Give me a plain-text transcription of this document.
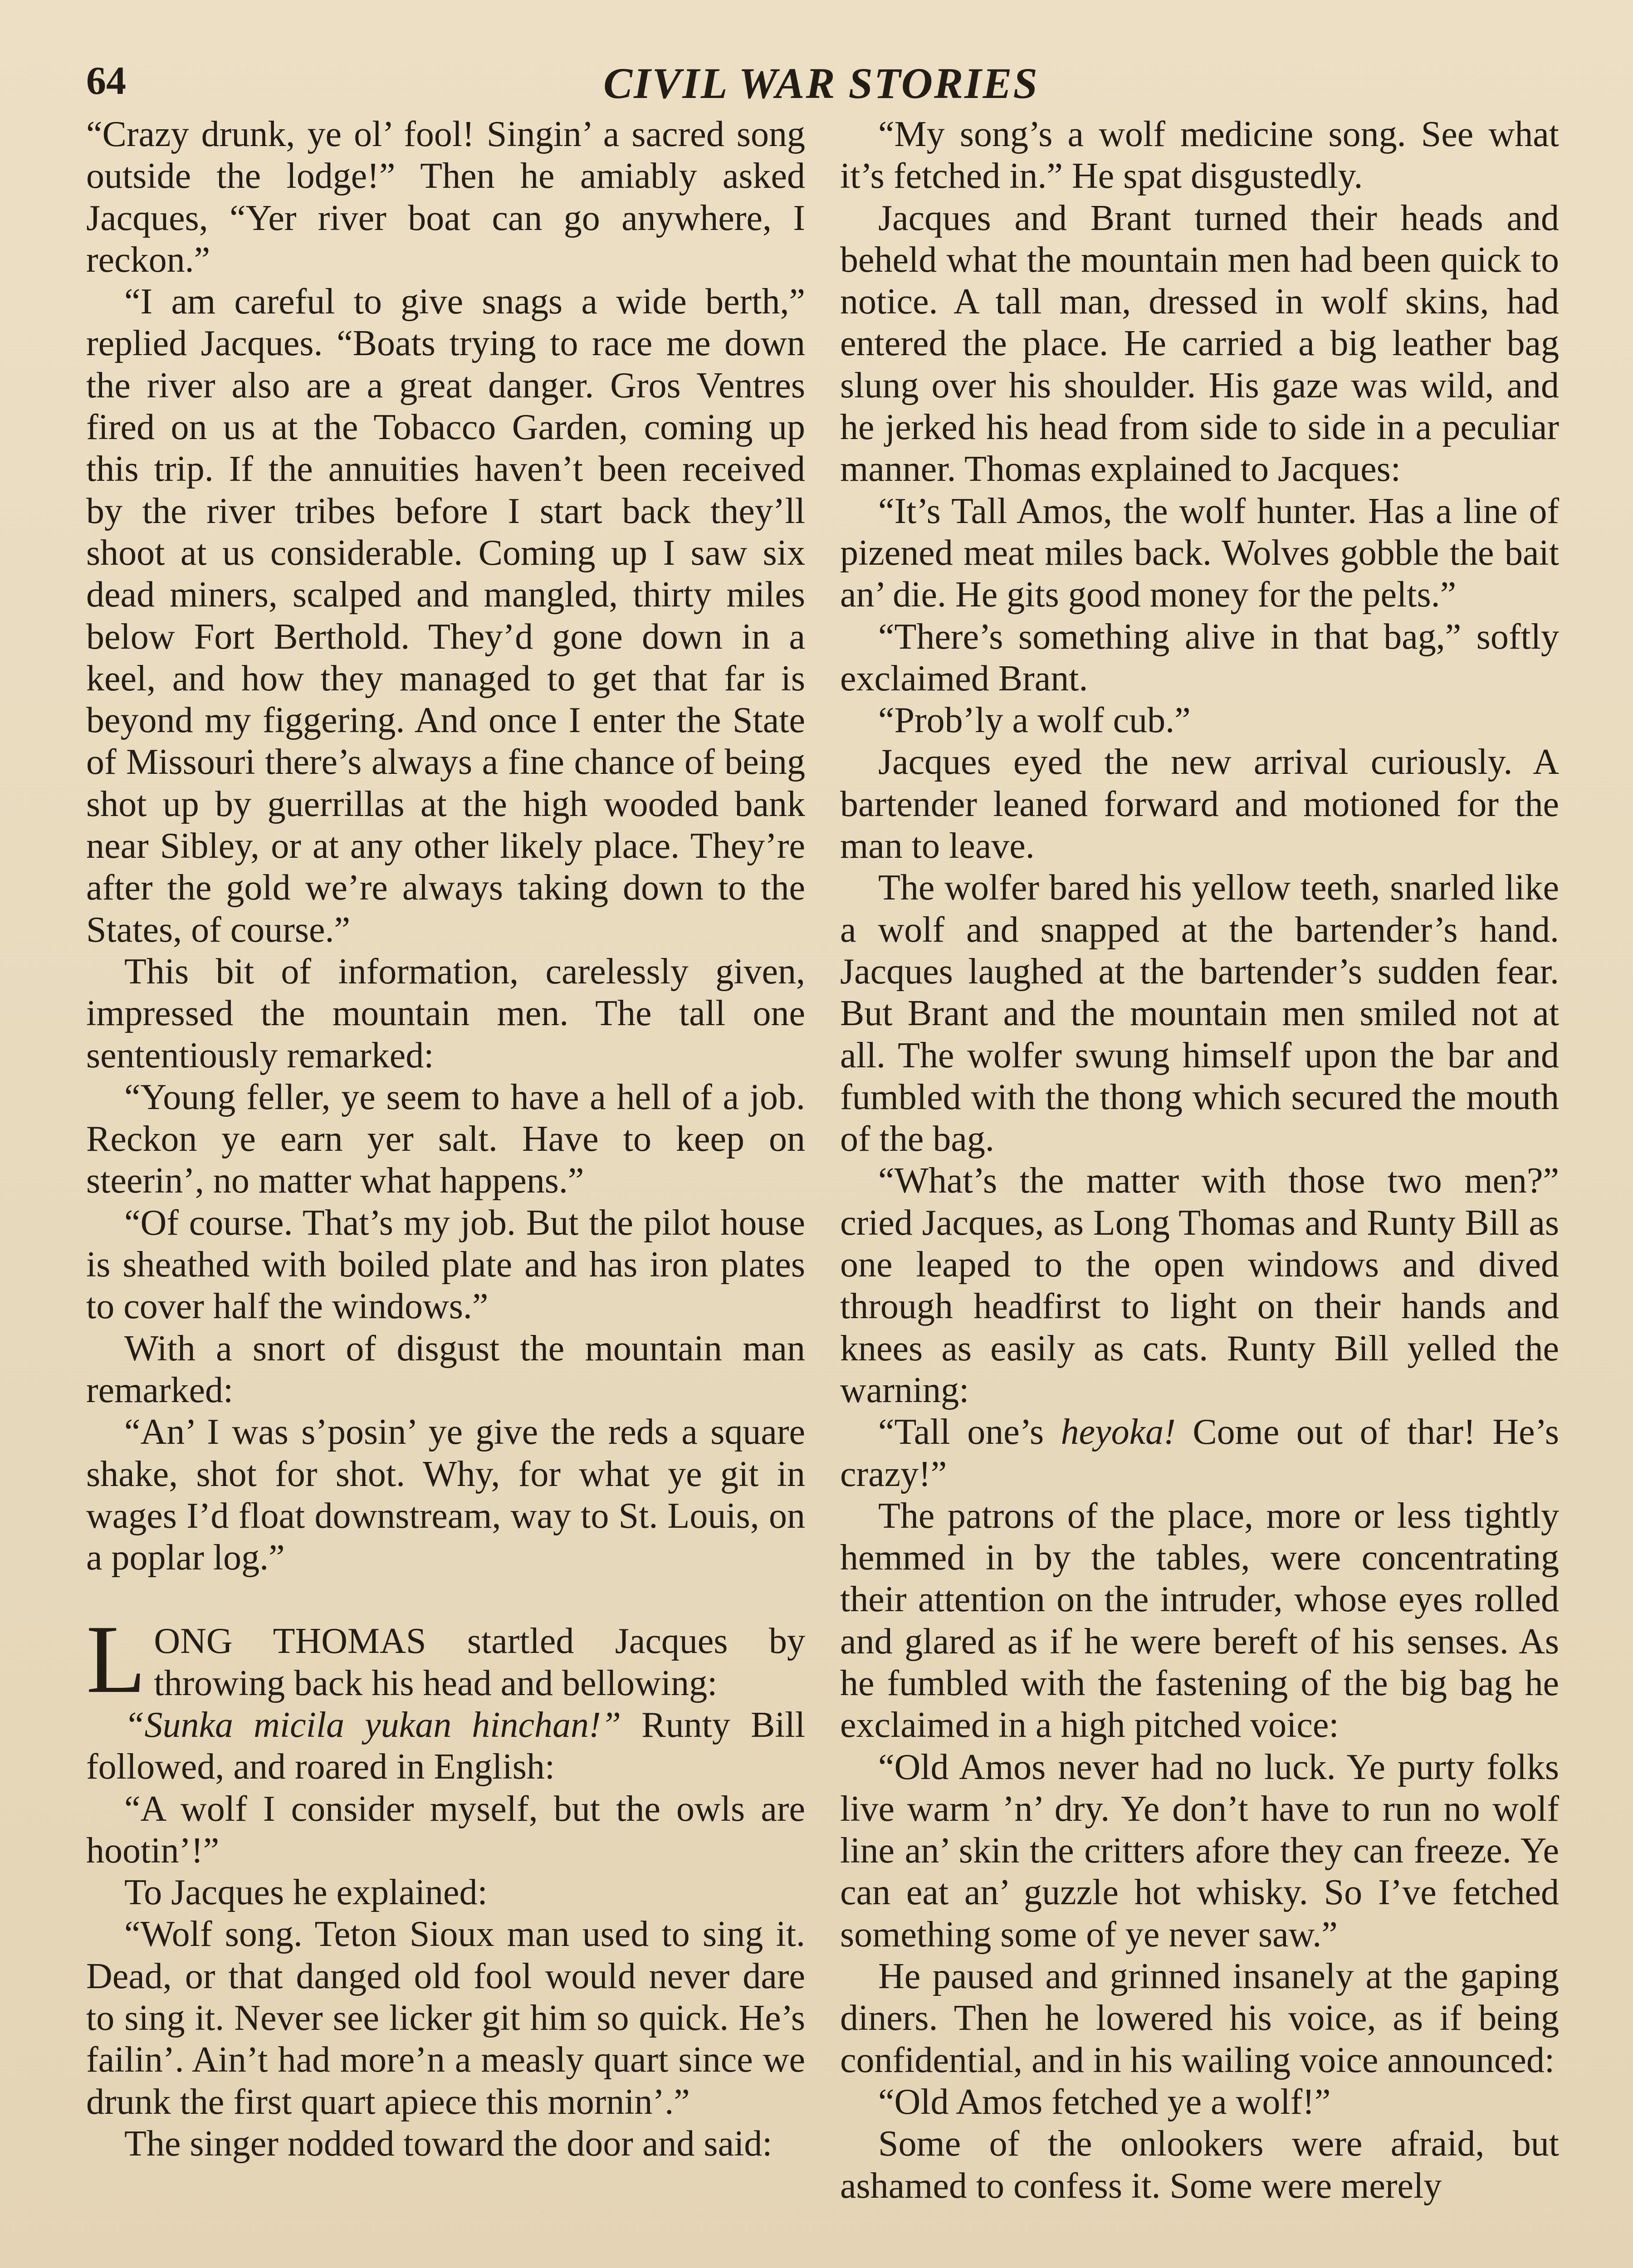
64	CIVIL WAR STORIES

“Crazy drunk, ye ol’ fool! Singin’ a sacred song outside the lodge!” Then he amiably asked Jacques, “Yer river boat can go anywhere, I reckon.”

“I am careful to give snags a wide berth,” replied Jacques. “Boats trying to race me down the river also are a great danger. Gros Ventres fired on us at the Tobacco Garden, coming up this trip. If the annuities haven’t been received by the river tribes before I start back they’ll shoot at us considerable. Coming up I saw six dead miners, scalped and mangled, thirty miles below Fort Berthold. They’d gone down in a keel, and how they managed to get that far is beyond my figgering. And once I enter the State of Missouri there’s always a fine chance of being shot up by guerrillas at the high wooded bank near Sibley, or at any other likely place. They’re after the gold we’re always taking down to the States, of course.”

This bit of information, carelessly given, impressed the mountain men. The tall one sententiously remarked:

“Young feller, ye seem to have a hell of a job. Reckon ye earn yer salt. Have to keep on steerin’, no matter what happens.”

“Of course. That’s my job. But the pilot house is sheathed with boiled plate and has iron plates to cover half the windows.”

With a snort of disgust the mountain man remarked:

“An’ I was s’posin’ ye give the reds a square shake, shot for shot. Why, for what ye git in wages I’d float downstream, way to St. Louis, on a poplar log.”

LONG THOMAS startled Jacques by throwing back his head and bellowing:

“Sunka micila yukan hinchan!” Runty Bill followed, and roared in English:

“A wolf I consider myself, but the owls are hootin’!”

To Jacques he explained:

“Wolf song. Teton Sioux man used to sing it. Dead, or that danged old fool would never dare to sing it. Never see licker git him so quick. He’s failin’. Ain’t had more’n a measly quart since we drunk the first quart apiece this mornin’.”

The singer nodded toward the door and said:

“My song’s a wolf medicine song. See what it’s fetched in.” He spat disgustedly.

Jacques and Brant turned their heads and beheld what the mountain men had been quick to notice. A tall man, dressed in wolf skins, had entered the place. He carried a big leather bag slung over his shoulder. His gaze was wild, and he jerked his head from side to side in a peculiar manner. Thomas explained to Jacques:

“It’s Tall Amos, the wolf hunter. Has a line of pizened meat miles back. Wolves gobble the bait an’ die. He gits good money for the pelts.”

“There’s something alive in that bag,” softly exclaimed Brant.

“Prob’ly a wolf cub.”

Jacques eyed the new arrival curiously. A bartender leaned forward and motioned for the man to leave.

The wolfer bared his yellow teeth, snarled like a wolf and snapped at the bartender’s hand. Jacques laughed at the bartender’s sudden fear. But Brant and the mountain men smiled not at all. The wolfer swung himself upon the bar and fumbled with the thong which secured the mouth of the bag.

“What’s the matter with those two men?” cried Jacques, as Long Thomas and Runty Bill as one leaped to the open windows and dived through headfirst to light on their hands and knees as easily as cats. Runty Bill yelled the warning:

“Tall one’s heyoka! Come out of thar! He’s crazy!”

The patrons of the place, more or less tightly hemmed in by the tables, were concentrating their attention on the intruder, whose eyes rolled and glared as if he were bereft of his senses. As he fumbled with the fastening of the big bag he exclaimed in a high pitched voice:

“Old Amos never had no luck. Ye purty folks live warm ’n’ dry. Ye don’t have to run no wolf line an’ skin the critters afore they can freeze. Ye can eat an’ guzzle hot whisky. So I’ve fetched something some of ye never saw.”

He paused and grinned insanely at the gaping diners. Then he lowered his voice, as if being confidential, and in his wailing voice announced:

“Old Amos fetched ye a wolf!”

Some of the onlookers were afraid, but ashamed to confess it. Some were merely
